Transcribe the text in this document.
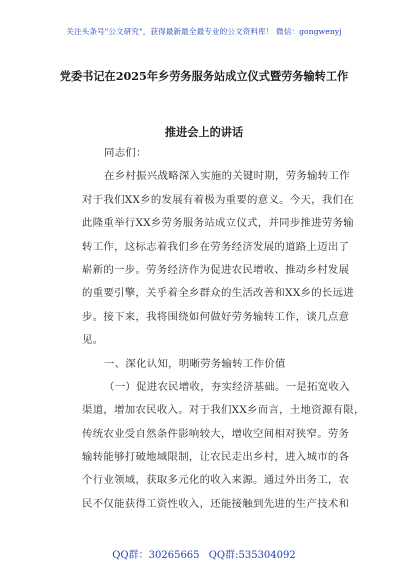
关注头条号"公文研究"，获得最新最全最专业的公文资料库！ 微信：gongwenyj
党委书记在2025年乡劳务服务站成立仪式暨劳务输转工作
推进会上的讲话
同志们：
在乡村振兴战略深入实施的关键时期，劳务输转工作
对于我们XX乡的发展有着极为重要的意义。今天，我们在
此隆重举行XX乡劳务服务站成立仪式，并同步推进劳务输
转工作，这标志着我们乡在劳务经济发展的道路上迈出了
崭新的一步。劳务经济作为促进农民增收、推动乡村发展
的重要引擎，关乎着全乡群众的生活改善和XX乡的长远进
步。接下来，我将围绕如何做好劳务输转工作，谈几点意
见。
一、深化认知，明晰劳务输转工作价值
（一）促进农民增收，夯实经济基础。一是拓宽收入
渠道，增加农民收入。对于我们XX乡而言，土地资源有限，
传统农业受自然条件影响较大，增收空间相对狭窄。劳务
输转能够打破地域限制，让农民走出乡村，进入城市的各
个行业领域，获取多元化的收入来源。通过外出务工，农
民不仅能获得工资性收入，还能接触到先进的生产技术和
QQ群：30265665 QQ群:535304092
